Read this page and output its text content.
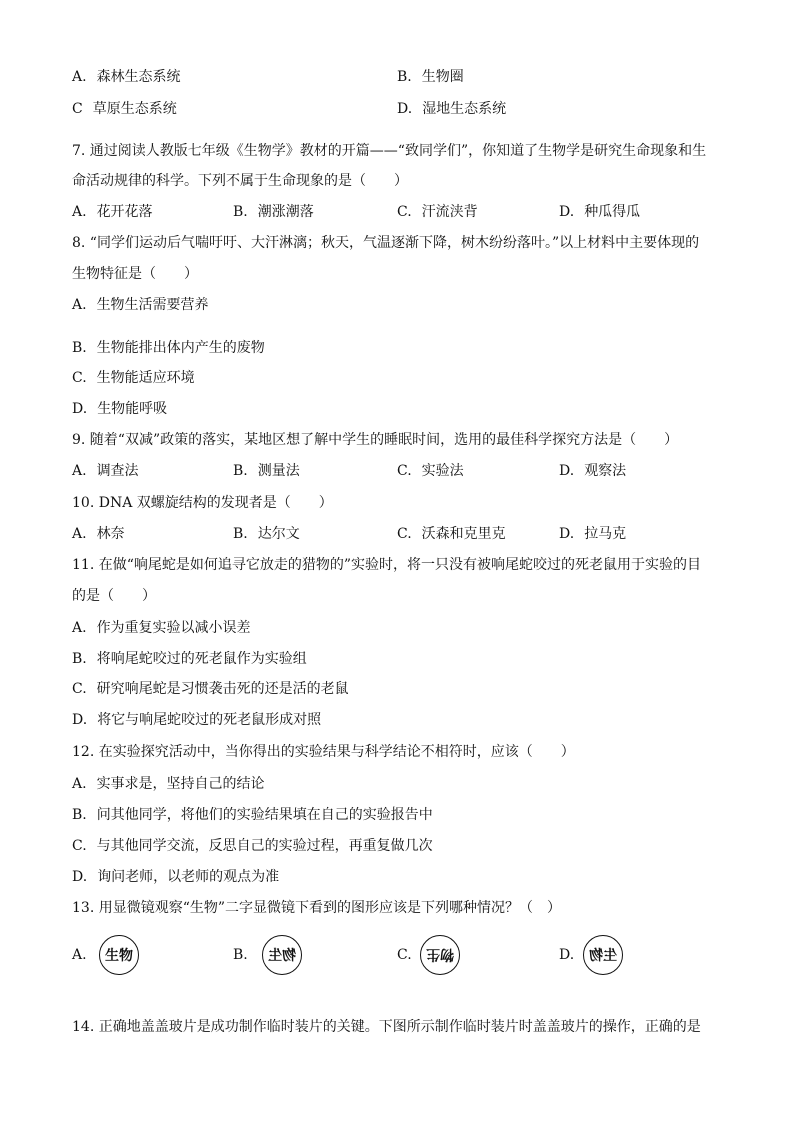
A. 森林生态系统	B. 生物圈
C 草原生态系统	D. 湿地生态系统
7. 通过阅读人教版七年级《生物学》教材的开篇——“致同学们”，你知道了生物学是研究生命现象和生
命活动规律的科学。下列不属于生命现象的是（　　）
A. 花开花落	B. 潮涨潮落	C. 汗流浃背	D. 种瓜得瓜
8. “同学们运动后气喘吁吁、大汗淋漓；秋天，气温逐渐下降，树木纷纷落叶。”以上材料中主要体现的
生物特征是（　　）
A. 生物生活需要营养
B. 生物能排出体内产生的废物
C. 生物能适应环境
D. 生物能呼吸
9. 随着“双减”政策的落实，某地区想了解中学生的睡眠时间，选用的最佳科学探究方法是（　　）
A. 调查法	B. 测量法	C. 实验法	D. 观察法
10. DNA 双螺旋结构的发现者是（　　）
A. 林奈	B. 达尔文	C. 沃森和克里克	D. 拉马克
11. 在做“响尾蛇是如何追寻它放走的猎物的”实验时，将一只没有被响尾蛇咬过的死老鼠用于实验的目
的是（　　）
A. 作为重复实验以减小误差
B. 将响尾蛇咬过的死老鼠作为实验组
C. 研究响尾蛇是习惯袭击死的还是活的老鼠
D. 将它与响尾蛇咬过的死老鼠形成对照
12. 在实验探究活动中，当你得出的实验结果与科学结论不相符时，应该（　　）
A. 实事求是，坚持自己的结论
B. 问其他同学，将他们的实验结果填在自己的实验报告中
C. 与其他同学交流，反思自己的实验过程，再重复做几次
D. 询问老师，以老师的观点为准
13. 用显微镜观察“生物”二字显微镜下看到的图形应该是下列哪种情况？（　）
A. 生物	B. 物生	C. 物生	D. 生物
14. 正确地盖盖玻片是成功制作临时装片的关键。下图所示制作临时装片时盖盖玻片的操作，正确的是
